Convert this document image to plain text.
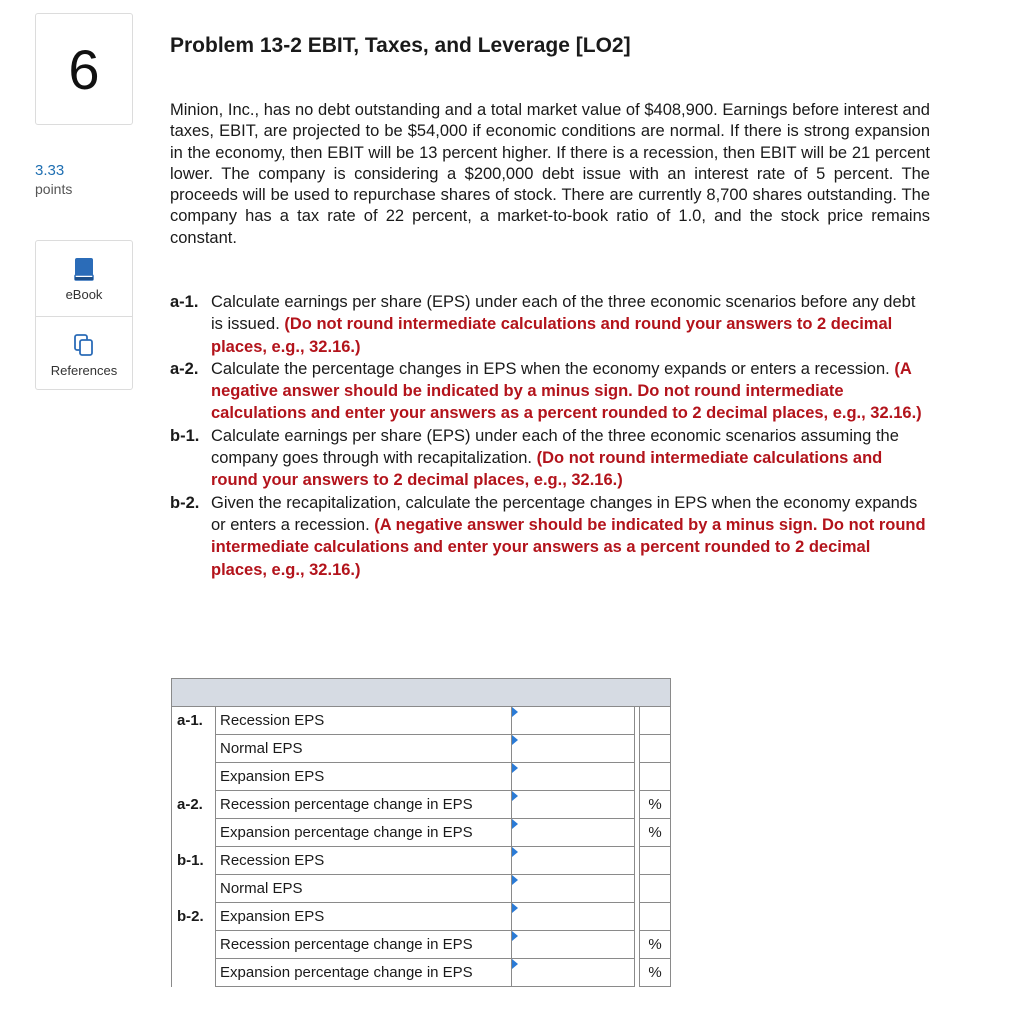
6
3.33
points
eBook
References
Problem 13-2 EBIT, Taxes, and Leverage [LO2]

Minion, Inc., has no debt outstanding and a total market value of $408,900. Earnings before interest and taxes, EBIT, are projected to be $54,000 if economic conditions are normal. If there is strong expansion in the economy, then EBIT will be 13 percent higher. If there is a recession, then EBIT will be 21 percent lower. The company is considering a $200,000 debt issue with an interest rate of 5 percent. The proceeds will be used to repurchase shares of stock. There are currently 8,700 shares outstanding. The company has a tax rate of 22 percent, a market-to-book ratio of 1.0, and the stock price remains constant.

a-1. Calculate earnings per share (EPS) under each of the three economic scenarios before any debt is issued. (Do not round intermediate calculations and round your answers to 2 decimal places, e.g., 32.16.)
a-2. Calculate the percentage changes in EPS when the economy expands or enters a recession. (A negative answer should be indicated by a minus sign. Do not round intermediate calculations and enter your answers as a percent rounded to 2 decimal places, e.g., 32.16.)
b-1. Calculate earnings per share (EPS) under each of the three economic scenarios assuming the company goes through with recapitalization. (Do not round intermediate calculations and round your answers to 2 decimal places, e.g., 32.16.)
b-2. Given the recapitalization, calculate the percentage changes in EPS when the economy expands or enters a recession. (A negative answer should be indicated by a minus sign. Do not round intermediate calculations and enter your answers as a percent rounded to 2 decimal places, e.g., 32.16.)

a-1.	Recession EPS	

	Normal EPS	

	Expansion EPS	

a-2.	Recession percentage change in EPS			%
	Expansion percentage change in EPS			%
b-1.	Recession EPS	

	Normal EPS	

b-2.	Expansion EPS	

	Recession percentage change in EPS			%
	Expansion percentage change in EPS			%
